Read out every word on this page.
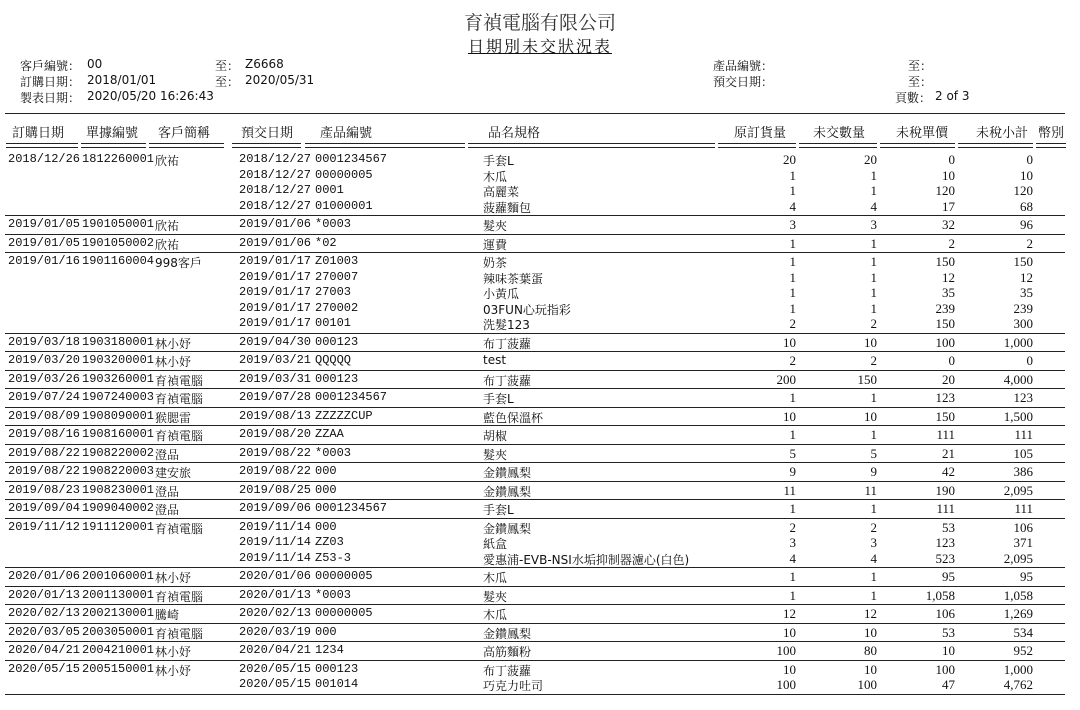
育禎電腦有限公司
日期別未交狀況表
客戶編號： 00	至： Z6668
訂購日期： 2018/01/01	至： 2020/05/31
製表日期： 2020/05/20 16:26:43
產品編號：	至：
預交日期：	至：
頁數： 2 of 3
訂購日期 單據編號 客戶簡稱 預交日期 產品編號	品名規格	原訂貨量 未交數量 未稅單價 未稅小計 幣別
2018/12/26 1812260001 欣祐	2018/12/27 0001234567	手套L	20	20	0	0
2018/12/27 00000005	木瓜	1	1	10	10
2018/12/27 0001	高麗菜	1	1	120	120
2018/12/27 01000001	菠蘿麵包	4	4	17	68
2019/01/05 1901050001 欣祐	2019/01/06 *0003	髮夾	3	3	32	96
2019/01/05 1901050002 欣祐	2019/01/06 *02	運費	1	1	2	2
2019/01/16 1901160004 998客戶	2019/01/17 Z01003	奶茶	1	1	150	150
2019/01/17 270007	辣味茶葉蛋	1	1	12	12
2019/01/17 27003	小黃瓜	1	1	35	35
2019/01/17 270002	03FUN心玩指彩	1	1	239	239
2019/01/17 00101	洗髮123	2	2	150	300
2019/03/18 1903180001 林小妤	2019/04/30 000123	布丁菠蘿	10	10	100	1,000
2019/03/20 1903200001 林小妤	2019/03/21 QQQQQ	test	2	2	0	0
2019/03/26 1903260001 育禎電腦	2019/03/31 000123	布丁菠蘿	200	150	20	4,000
2019/07/24 1907240003 育禎電腦	2019/07/28 0001234567	手套L	1	1	123	123
2019/08/09 1908090001 猴腮雷	2019/08/13 ZZZZZCUP	藍色保溫杯	10	10	150	1,500
2019/08/16 1908160001 育禎電腦	2019/08/20 ZZAA	胡椒	1	1	111	111
2019/08/22 1908220002 澄品	2019/08/22 *0003	髮夾	5	5	21	105
2019/08/22 1908220003 建安旅	2019/08/22 000	金鑽鳳梨	9	9	42	386
2019/08/23 1908230001 澄品	2019/08/25 000	金鑽鳳梨	11	11	190	2,095
2019/09/04 1909040002 澄品	2019/09/06 0001234567	手套L	1	1	111	111
2019/11/12 1911120001 育禎電腦	2019/11/14 000	金鑽鳳梨	2	2	53	106
2019/11/14 ZZ03	紙盒	3	3	123	371
2019/11/14 Z53-3	愛惠浦-EVB-NSI水垢抑制器濾心(白色)	4	4	523	2,095
2020/01/06 2001060001 林小妤	2020/01/06 00000005	木瓜	1	1	95	95
2020/01/13 2001130001 育禎電腦	2020/01/13 *0003	髮夾	1	1	1,058	1,058
2020/02/13 2002130001 騰崎	2020/02/13 00000005	木瓜	12	12	106	1,269
2020/03/05 2003050001 育禎電腦	2020/03/19 000	金鑽鳳梨	10	10	53	534
2020/04/21 2004210001 林小妤	2020/04/21 1234	高筋麵粉	100	80	10	952
2020/05/15 2005150001 林小妤	2020/05/15 000123	布丁菠蘿	10	10	100	1,000
2020/05/15 001014	巧克力吐司	100	100	47	4,762
